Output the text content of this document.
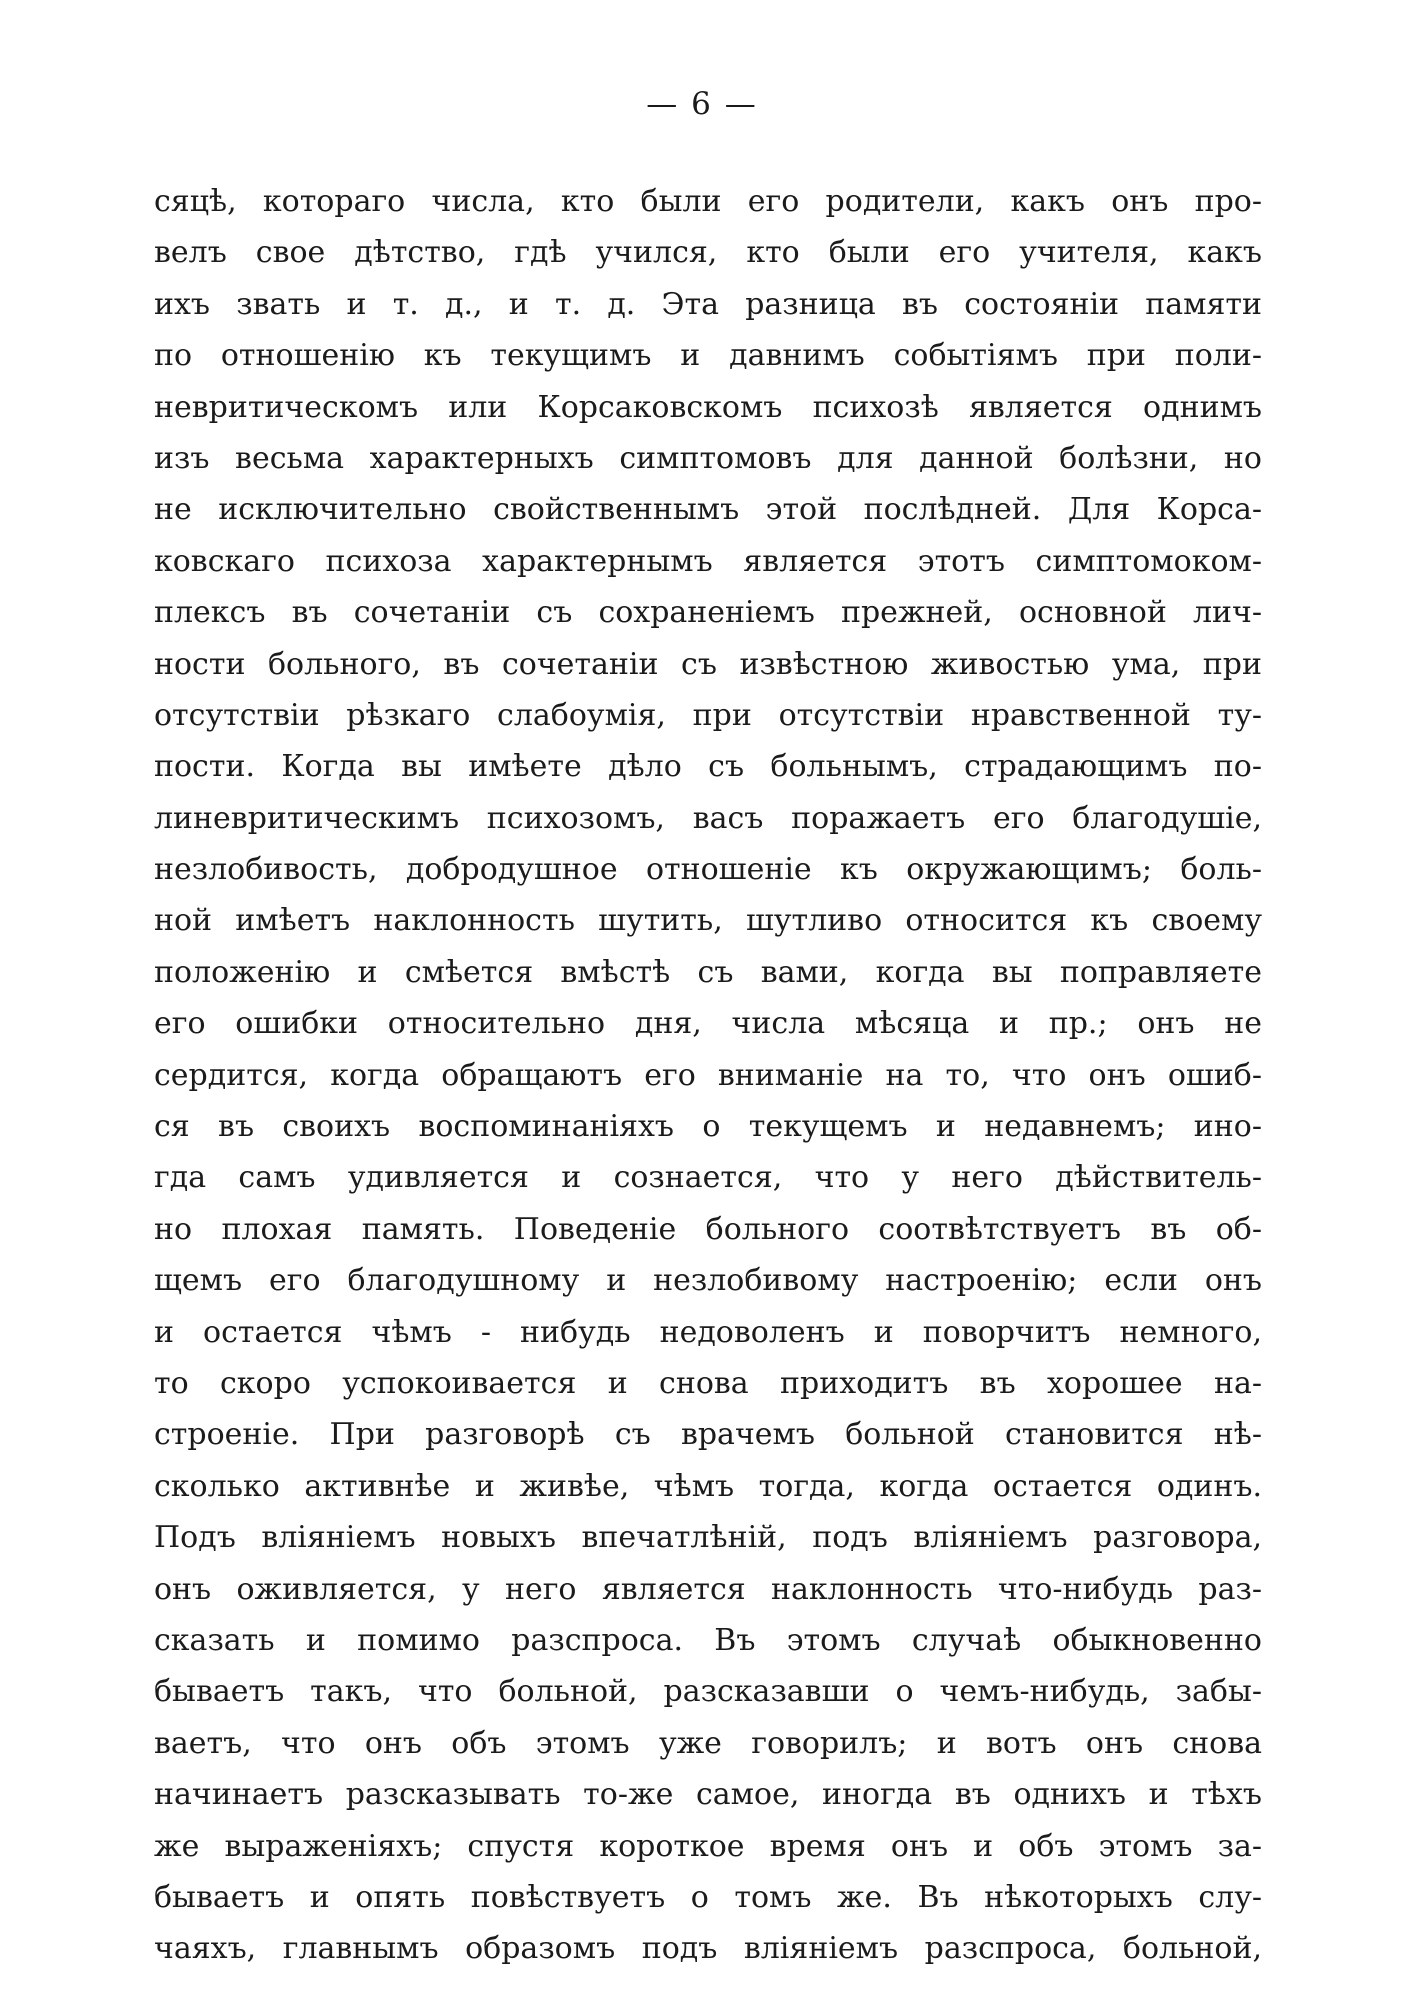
— 6 —
сяцѣ, котораго числа, кто были его родители, какъ онъ про-
велъ свое дѣтство, гдѣ учился, кто были его учителя, какъ
ихъ звать и т. д., и т. д. Эта разница въ состояніи памяти
по отношенію къ текущимъ и давнимъ событіямъ при поли-
невритическомъ или Корсаковскомъ психозѣ является однимъ
изъ весьма характерныхъ симптомовъ для данной болѣзни, но
не исключительно свойственнымъ этой послѣдней. Для Корса-
ковскаго психоза характернымъ является этотъ симптомоком-
плексъ въ сочетаніи съ сохраненіемъ прежней, основной лич-
ности больного, въ сочетаніи съ извѣстною живостью ума, при
отсутствіи рѣзкаго слабоумія, при отсутствіи нравственной ту-
пости. Когда вы имѣете дѣло съ больнымъ, страдающимъ по-
линевритическимъ психозомъ, васъ поражаетъ его благодушіе,
незлобивость, добродушное отношеніе къ окружающимъ; боль-
ной имѣетъ наклонность шутить, шутливо относится къ своему
положенію и смѣется вмѣстѣ съ вами, когда вы поправляете
его ошибки относительно дня, числа мѣсяца и пр.; онъ не
сердится, когда обращаютъ его вниманіе на то, что онъ ошиб-
ся въ своихъ воспоминаніяхъ о текущемъ и недавнемъ; ино-
гда самъ удивляется и сознается, что у него дѣйствитель-
но плохая память. Поведеніе больного соотвѣтствуетъ въ об-
щемъ его благодушному и незлобивому настроенію; если онъ
и остается чѣмъ - нибудь недоволенъ и поворчитъ немного,
то скоро успокоивается и снова приходитъ въ хорошее на-
строеніе. При разговорѣ съ врачемъ больной становится нѣ-
сколько активнѣе и живѣе, чѣмъ тогда, когда остается одинъ.
Подъ вліяніемъ новыхъ впечатлѣній, подъ вліяніемъ разговора,
онъ оживляется, у него является наклонность что-нибудь раз-
сказать и помимо разспроса. Въ этомъ случаѣ обыкновенно
бываетъ такъ, что больной, разсказавши о чемъ-нибудь, забы-
ваетъ, что онъ объ этомъ уже говорилъ; и вотъ онъ снова
начинаетъ разсказывать то-же самое, иногда въ однихъ и тѣхъ
же выраженіяхъ; спустя короткое время онъ и объ этомъ за-
бываетъ и опять повѣствуетъ о томъ же. Въ нѣкоторыхъ слу-
чаяхъ, главнымъ образомъ подъ вліяніемъ разспроса, больной,
